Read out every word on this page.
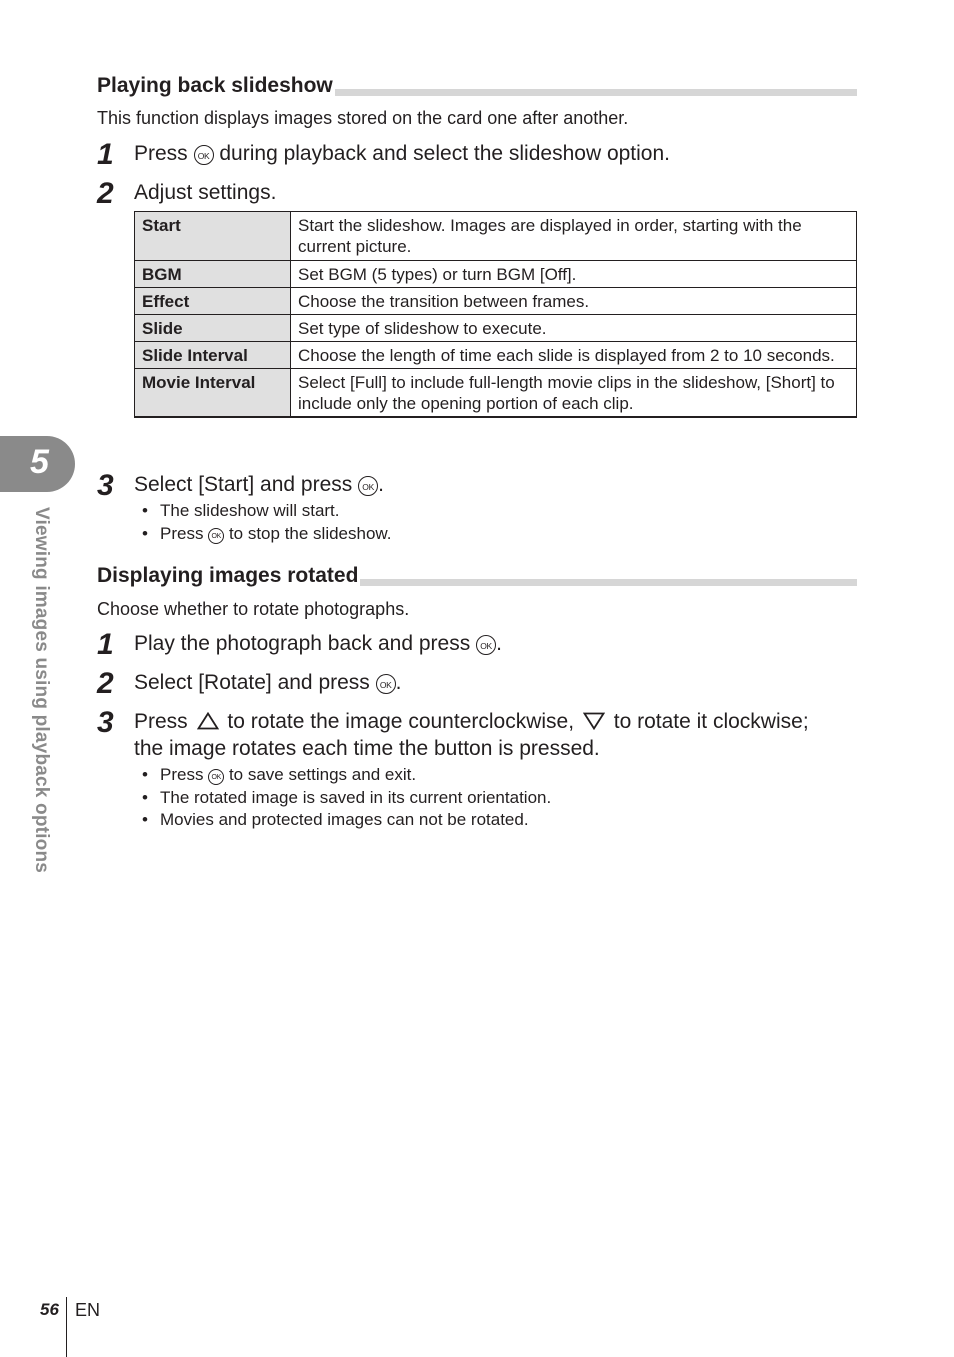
Playing back slideshow
This function displays images stored on the card one after another.
1 Press OK during playback and select the slideshow option.
2 Adjust settings.
Start	Start the slideshow. Images are displayed in order, starting with the current picture.
BGM	Set BGM (5 types) or turn BGM [Off].
Effect	Choose the transition between frames.
Slide	Set type of slideshow to execute.
Slide Interval	Choose the length of time each slide is displayed from 2 to 10 seconds.
Movie Interval	Select [Full] to include full-length movie clips in the slideshow, [Short] to include only the opening portion of each clip.
3 Select [Start] and press OK .
• The slideshow will start.
• Press OK to stop the slideshow.
Displaying images rotated
Choose whether to rotate photographs.
1 Play the photograph back and press OK .
2 Select [Rotate] and press OK .
3 Press to rotate the image counterclockwise, to rotate it clockwise;
the image rotates each time the button is pressed.
• Press OK to save settings and exit.
• The rotated image is saved in its current orientation.
• Movies and protected images can not be rotated.
5
Viewing images using playback options
56 EN
